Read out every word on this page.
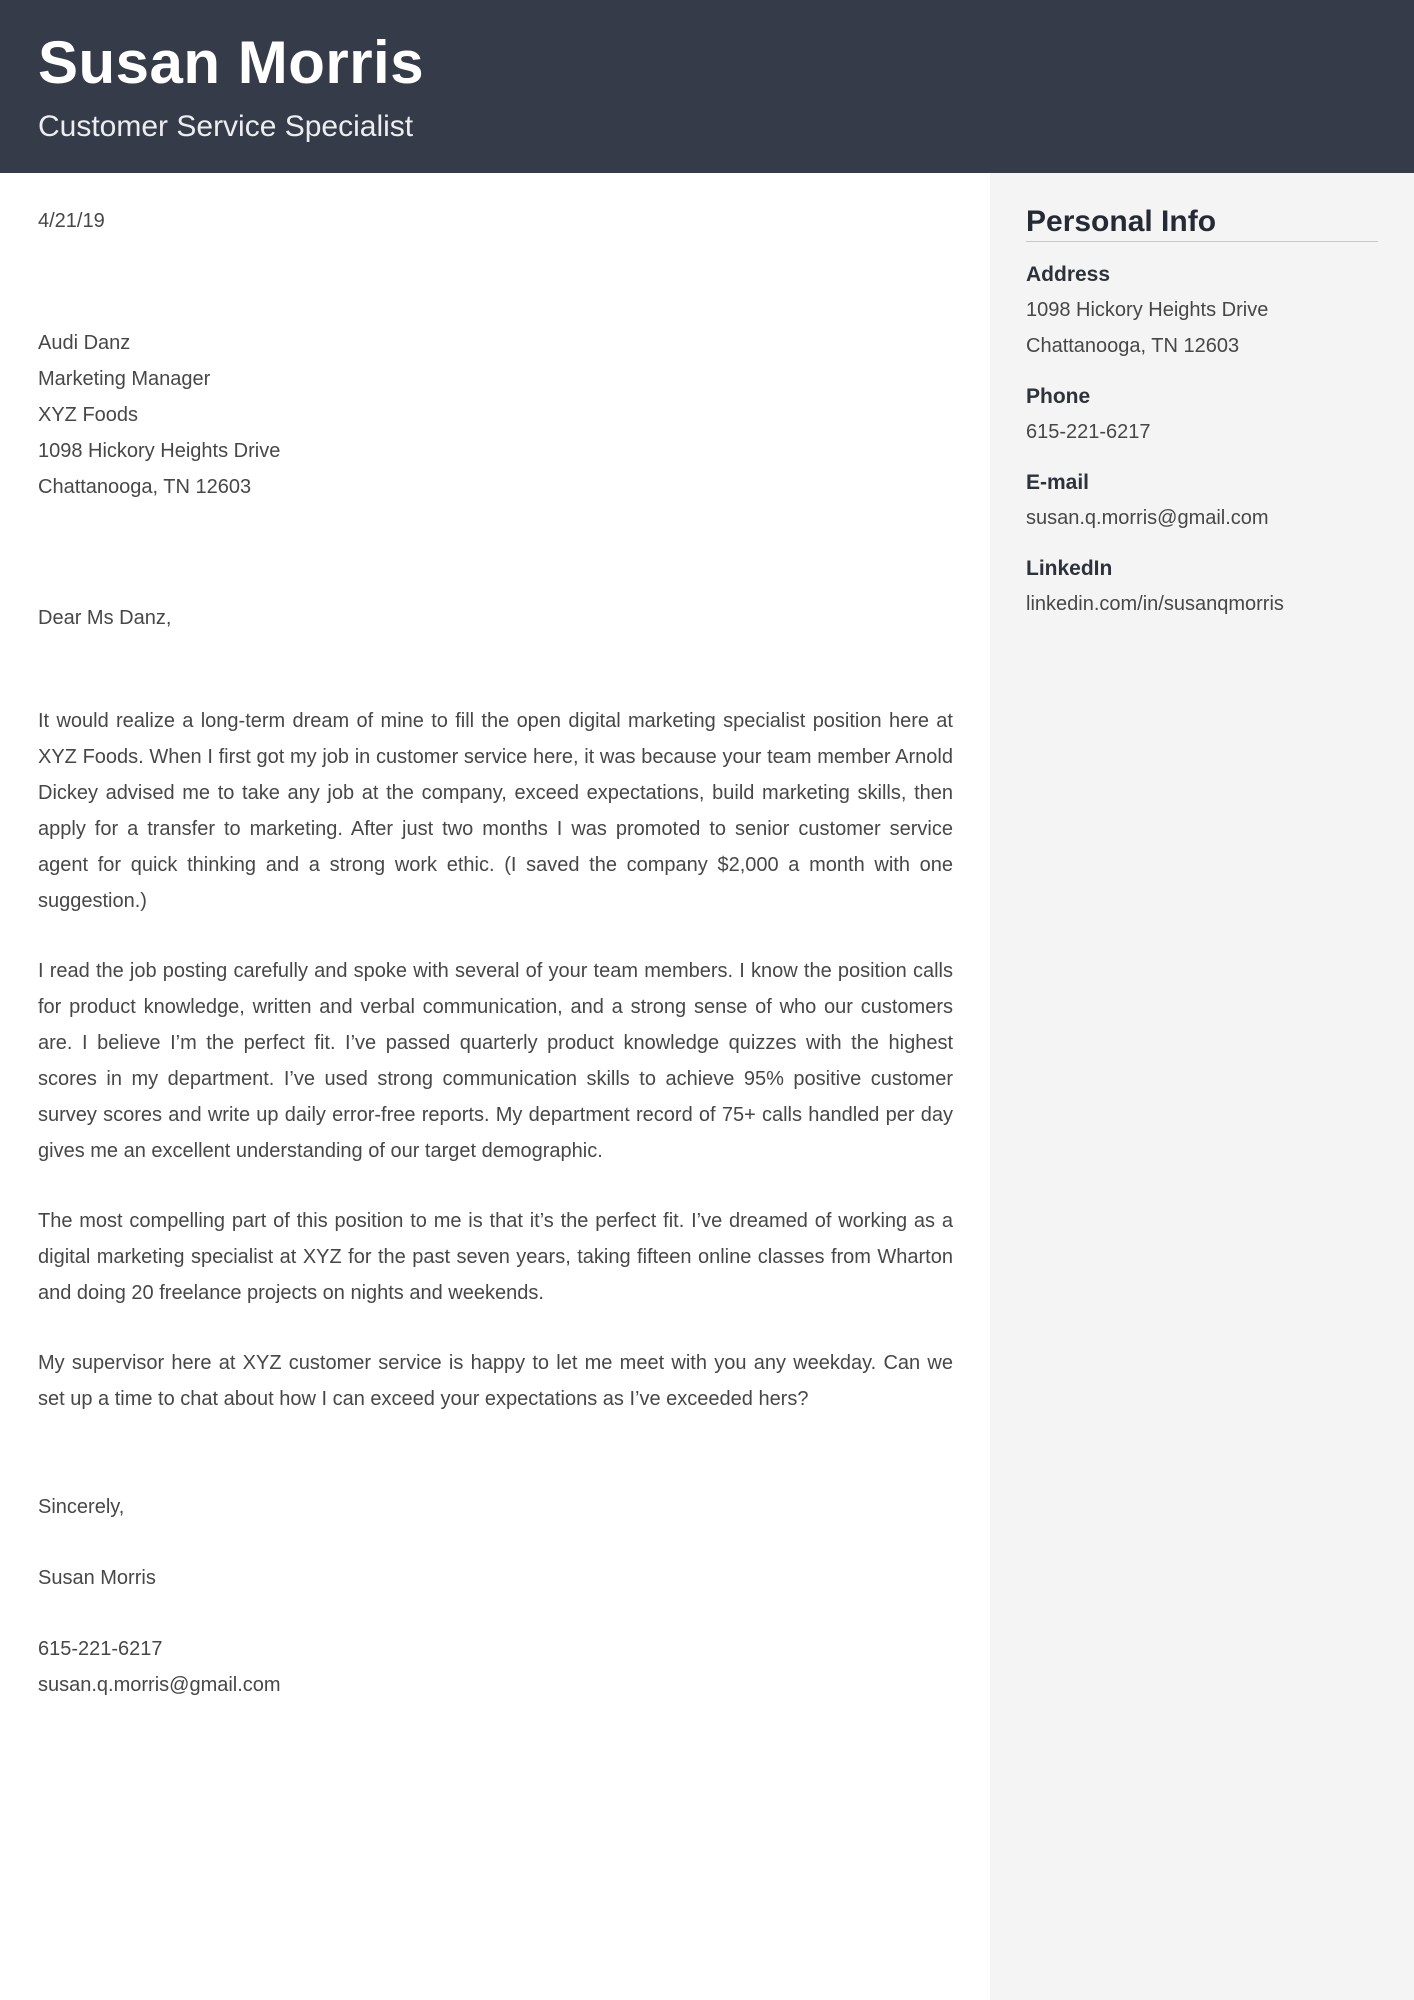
Susan Morris
Customer Service Specialist
Personal Info
Address
1098 Hickory Heights Drive
Chattanooga, TN 12603
Phone
615-221-6217
E-mail
susan.q.morris@gmail.com
LinkedIn
linkedin.com/in/susanqmorris
4/21/19
Audi Danz
Marketing Manager
XYZ Foods
1098 Hickory Heights Drive
Chattanooga, TN 12603
Dear Ms Danz,

It would realize a long-term dream of mine to fill the open digital marketing specialist position here at XYZ Foods. When I first got my job in customer service here, it was because your team member Arnold Dickey advised me to take any job at the company, exceed expectations, build marketing skills, then apply for a transfer to marketing. After just two months I was promoted to senior customer service agent for quick thinking and a strong work ethic. (I saved the company $2,000 a month with one suggestion.)

I read the job posting carefully and spoke with several of your team members. I know the position calls for product knowledge, written and verbal communication, and a strong sense of who our customers are. I believe I’m the perfect fit. I’ve passed quarterly product knowledge quizzes with the highest scores in my department. I’ve used strong communication skills to achieve 95% positive customer survey scores and write up daily error-free reports. My department record of 75+ calls handled per day gives me an excellent understanding of our target demographic.

The most compelling part of this position to me is that it’s the perfect fit. I’ve dreamed of working as a digital marketing specialist at XYZ for the past seven years, taking fifteen online classes from Wharton and doing 20 freelance projects on nights and weekends.

My supervisor here at XYZ customer service is happy to let me meet with you any weekday. Can we set up a time to chat about how I can exceed your expectations as I’ve exceeded hers?

Sincerely,
Susan Morris
615-221-6217
susan.q.morris@gmail.com
